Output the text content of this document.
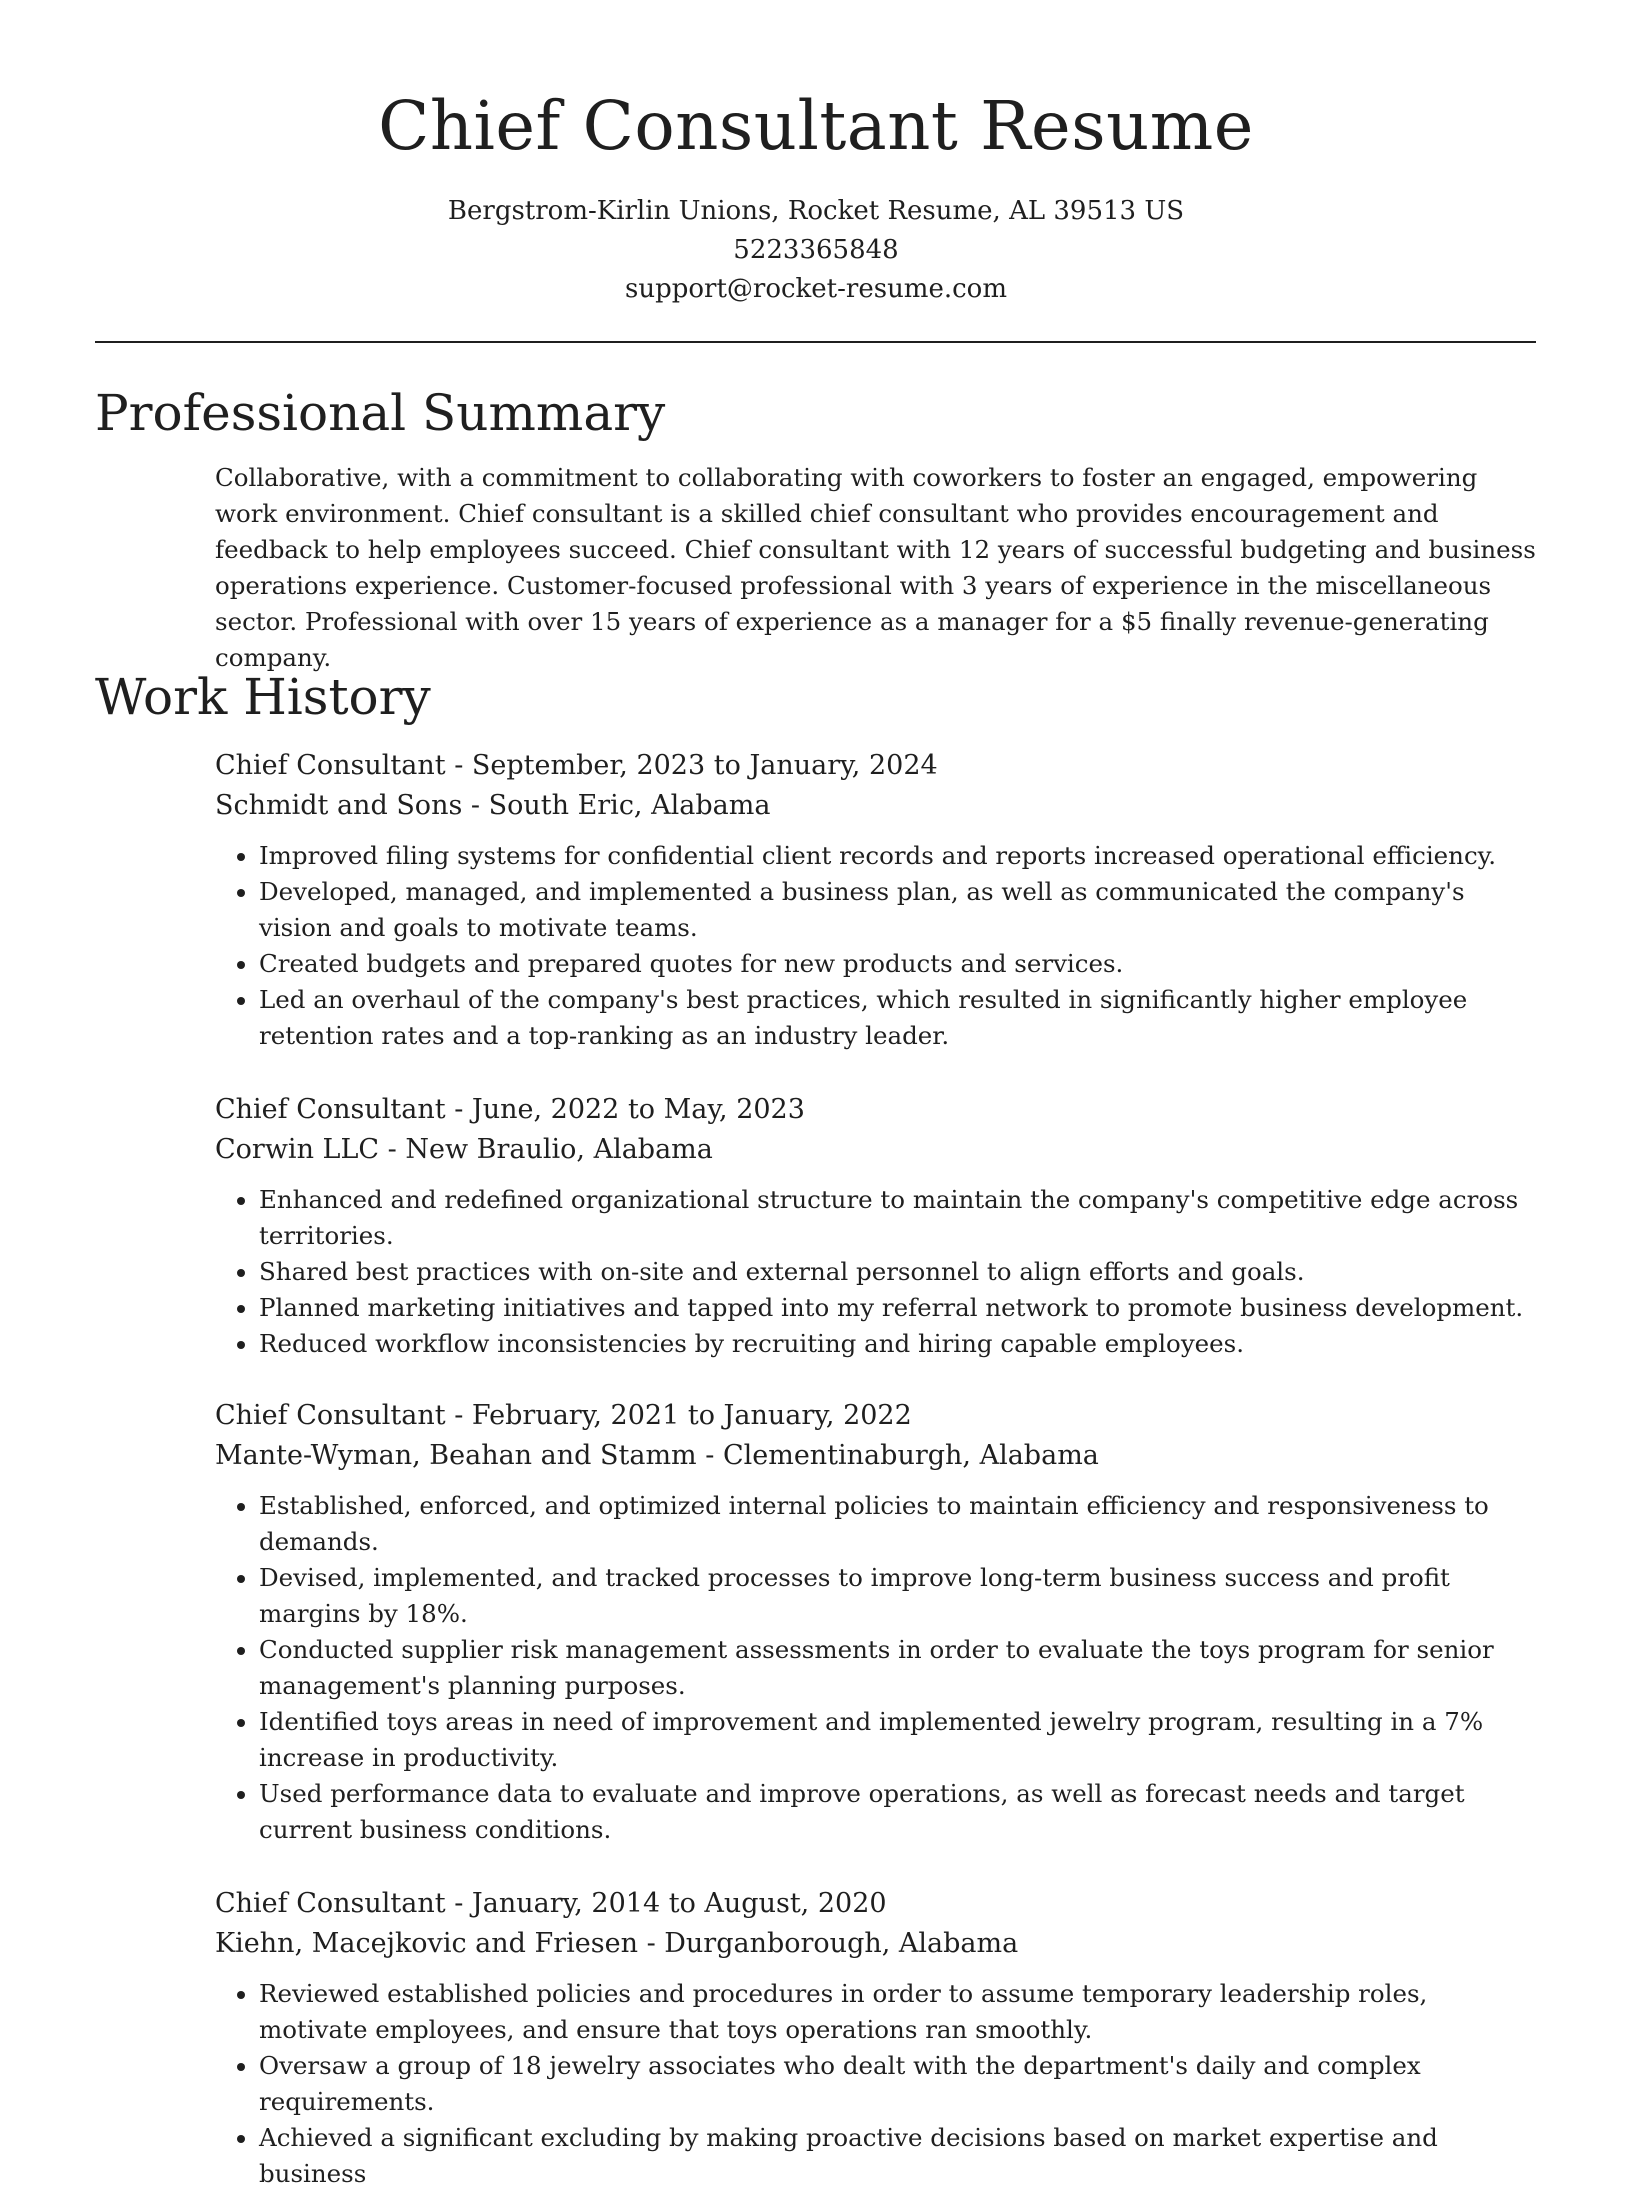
Chief Consultant Resume
Bergstrom-Kirlin Unions, Rocket Resume, AL 39513 US
5223365848
support@rocket-resume.com
Professional Summary
Collaborative, with a commitment to collaborating with coworkers to foster an engaged, empowering work environment. Chief consultant is a skilled chief consultant who provides encouragement and feedback to help employees succeed. Chief consultant with 12 years of successful budgeting and business operations experience. Customer-focused professional with 3 years of experience in the miscellaneous sector. Professional with over 15 years of experience as a manager for a $5 finally revenue-generating company.
Work History
Chief Consultant - September, 2023 to January, 2024
Schmidt and Sons - South Eric, Alabama
• Improved filing systems for confidential client records and reports increased operational efficiency.
• Developed, managed, and implemented a business plan, as well as communicated the company's vision and goals to motivate teams.
• Created budgets and prepared quotes for new products and services.
• Led an overhaul of the company's best practices, which resulted in significantly higher employee retention rates and a top-ranking as an industry leader.
Chief Consultant - June, 2022 to May, 2023
Corwin LLC - New Braulio, Alabama
• Enhanced and redefined organizational structure to maintain the company's competitive edge across territories.
• Shared best practices with on-site and external personnel to align efforts and goals.
• Planned marketing initiatives and tapped into my referral network to promote business development.
• Reduced workflow inconsistencies by recruiting and hiring capable employees.
Chief Consultant - February, 2021 to January, 2022
Mante-Wyman, Beahan and Stamm - Clementinaburgh, Alabama
• Established, enforced, and optimized internal policies to maintain efficiency and responsiveness to demands.
• Devised, implemented, and tracked processes to improve long-term business success and profit margins by 18%.
• Conducted supplier risk management assessments in order to evaluate the toys program for senior management's planning purposes.
• Identified toys areas in need of improvement and implemented jewelry program, resulting in a 7% increase in productivity.
• Used performance data to evaluate and improve operations, as well as forecast needs and target current business conditions.
Chief Consultant - January, 2014 to August, 2020
Kiehn, Macejkovic and Friesen - Durganborough, Alabama
• Reviewed established policies and procedures in order to assume temporary leadership roles, motivate employees, and ensure that toys operations ran smoothly.
• Oversaw a group of 18 jewelry associates who dealt with the department's daily and complex requirements.
• Achieved a significant excluding by making proactive decisions based on market expertise and business
